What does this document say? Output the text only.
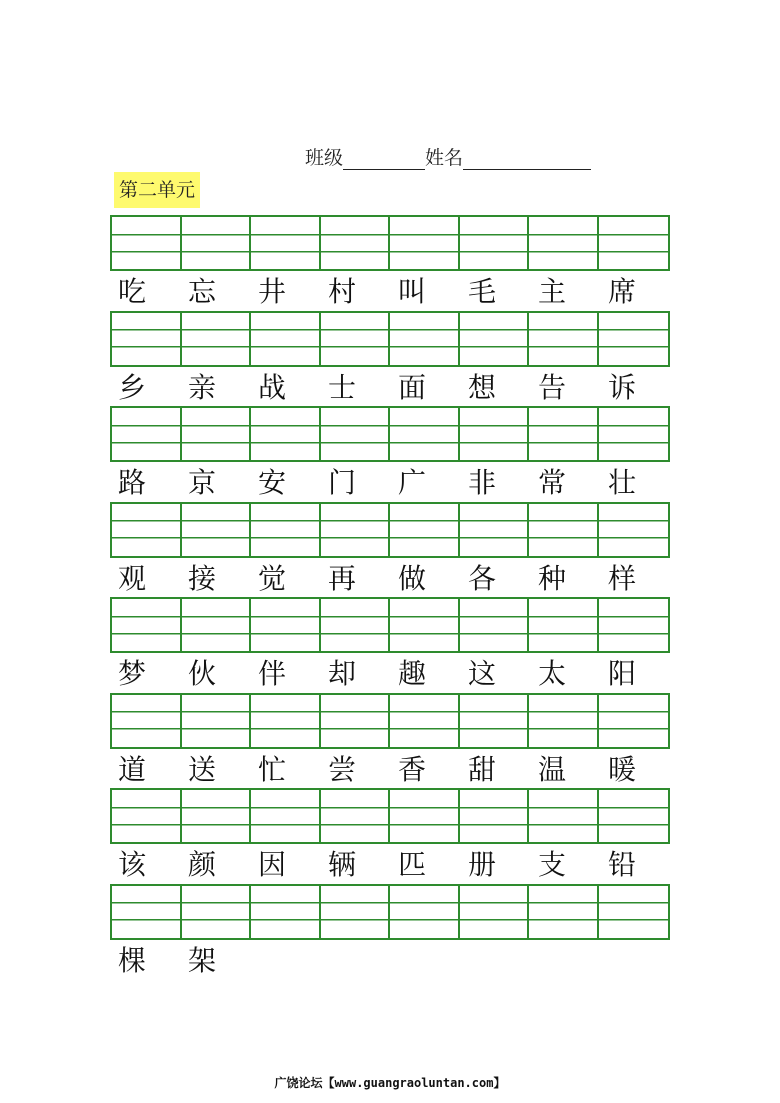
班级	姓名
第二单元
吃	忘	井	村	叫	毛	主	席
乡	亲	战	士	面	想	告	诉
路	京	安	门	广	非	常	壮
观	接	觉	再	做	各	种	样
梦	伙	伴	却	趣	这	太	阳
道	送	忙	尝	香	甜	温	暖
该	颜	因	辆	匹	册	支	铅
棵	架
广饶论坛【www.guangraoluntan.com】
